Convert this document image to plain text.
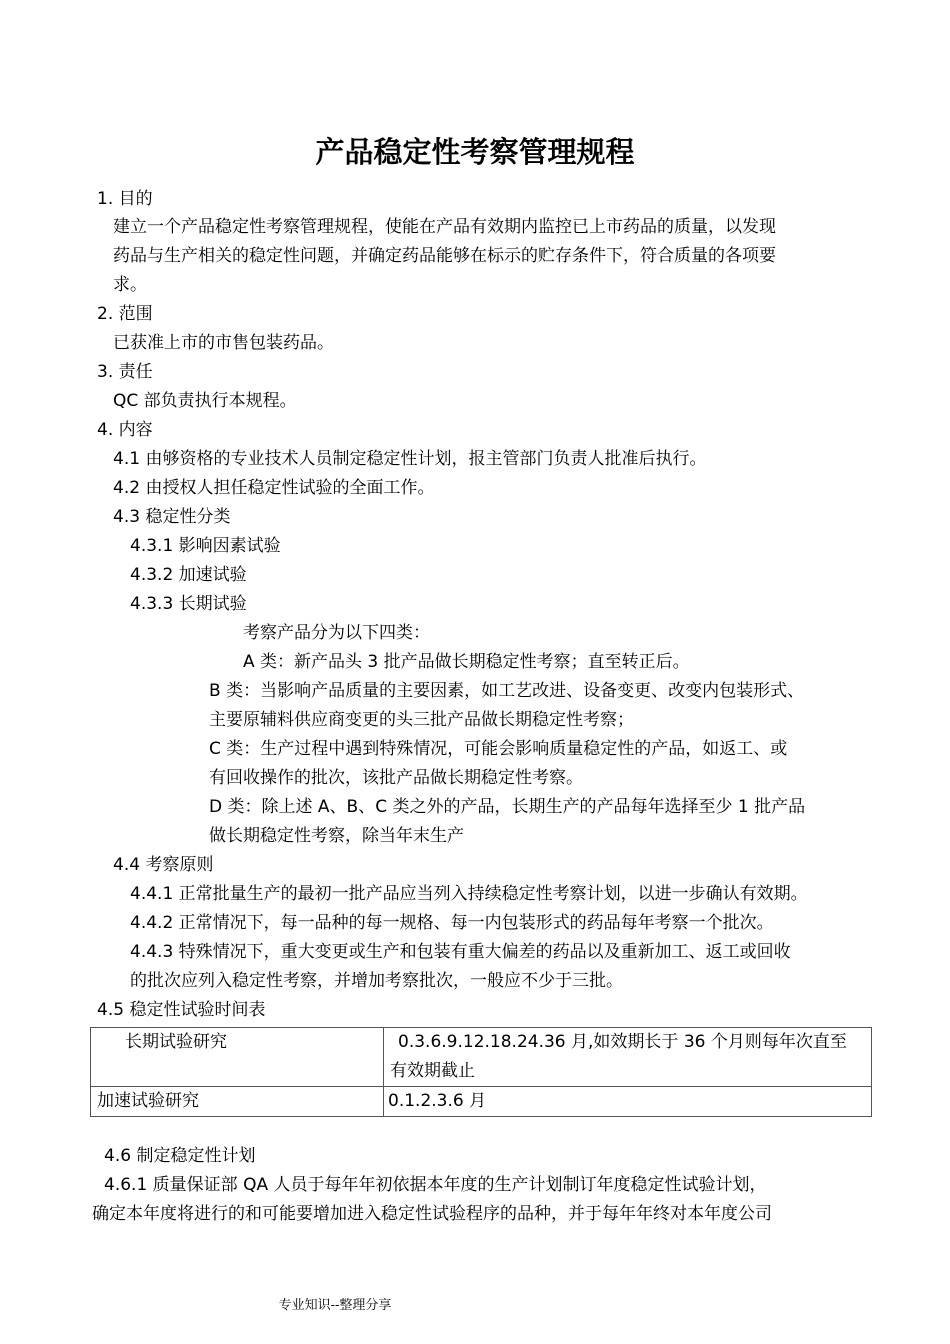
产品稳定性考察管理规程
1. 目的
建立一个产品稳定性考察管理规程，使能在产品有效期内监控已上市药品的质量，以发现
药品与生产相关的稳定性问题，并确定药品能够在标示的贮存条件下，符合质量的各项要
求。
2. 范围
已获准上市的市售包装药品。
3. 责任
QC 部负责执行本规程。
4. 内容
4.1 由够资格的专业技术人员制定稳定性计划，报主管部门负责人批准后执行。
4.2 由授权人担任稳定性试验的全面工作。
4.3 稳定性分类
4.3.1 影响因素试验
4.3.2 加速试验
4.3.3 长期试验
考察产品分为以下四类：
A 类：新产品头 3 批产品做长期稳定性考察；直至转正后。
B 类：当影响产品质量的主要因素，如工艺改进、设备变更、改变内包装形式、
主要原辅料供应商变更的头三批产品做长期稳定性考察；
C 类：生产过程中遇到特殊情况，可能会影响质量稳定性的产品，如返工、或
有回收操作的批次，该批产品做长期稳定性考察。
D 类：除上述 A、B、C 类之外的产品，长期生产的产品每年选择至少 1 批产品
做长期稳定性考察，除当年末生产
4.4 考察原则
4.4.1 正常批量生产的最初一批产品应当列入持续稳定性考察计划，以进一步确认有效期。
4.4.2 正常情况下，每一品种的每一规格、每一内包装形式的药品每年考察一个批次。
4.4.3 特殊情况下，重大变更或生产和包装有重大偏差的药品以及重新加工、返工或回收
的批次应列入稳定性考察，并增加考察批次，一般应不少于三批。
4.5 稳定性试验时间表
长期试验研究	0.3.6.9.12.18.24.36 月,如效期长于 36 个月则每年次直至
有效期截止

加速试验研究	0.1.2.3.6 月
4.6 制定稳定性计划
4.6.1 质量保证部 QA 人员于每年年初依据本年度的生产计划制订年度稳定性试验计划，
确定本年度将进行的和可能要增加进入稳定性试验程序的品种，并于每年年终对本年度公司
专业知识--整理分享
